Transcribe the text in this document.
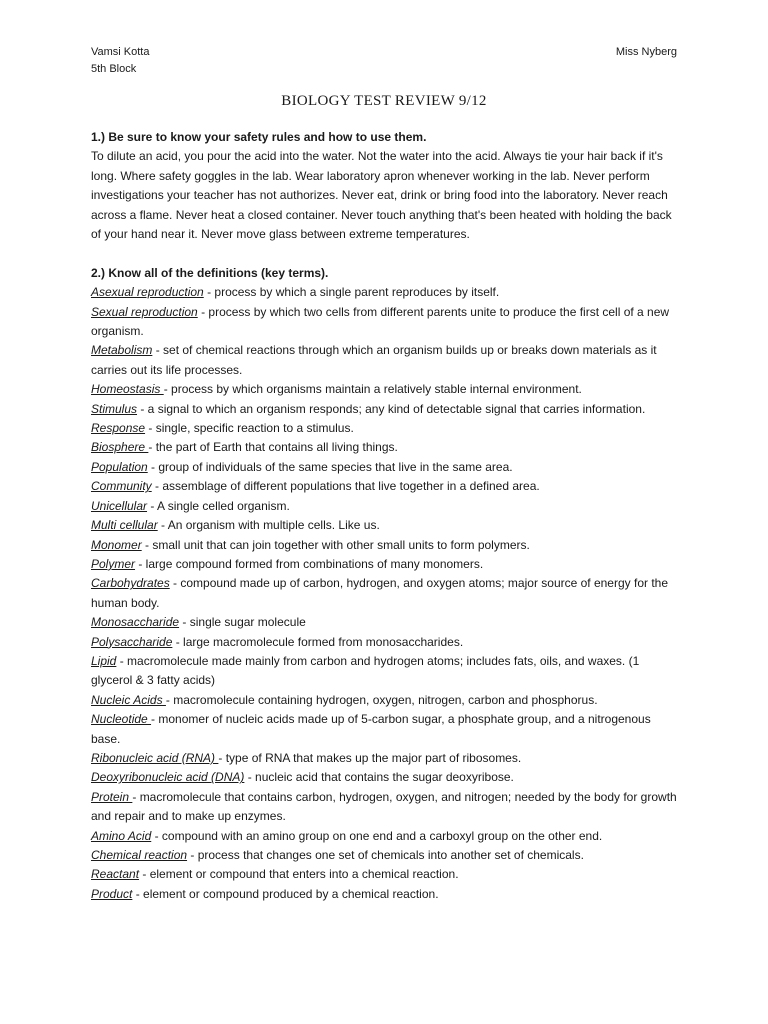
Vamsi Kotta
5th Block
Miss Nyberg
BIOLOGY TEST REVIEW 9/12

1.) Be sure to know your safety rules and how to use them.

To dilute an acid, you pour the acid into the water. Not the water into the acid. Always tie your hair back if it's long. Where safety goggles in the lab. Wear laboratory apron whenever working in the lab. Never perform investigations your teacher has not authorizes. Never eat, drink or bring food into the laboratory. Never reach across a flame. Never heat a closed container. Never touch anything that's been heated with holding the back of your hand near it. Never move glass between extreme temperatures.

2.) Know all of the definitions (key terms).

Asexual reproduction - process by which a single parent reproduces by itself.

Sexual reproduction - process by which two cells from different parents unite to produce the first cell of a new organism.

Metabolism - set of chemical reactions through which an organism builds up or breaks down materials as it carries out its life processes.

Homeostasis - process by which organisms maintain a relatively stable internal environment.

Stimulus - a signal to which an organism responds; any kind of detectable signal that carries information.

Response - single, specific reaction to a stimulus.

Biosphere - the part of Earth that contains all living things.

Population - group of individuals of the same species that live in the same area.

Community - assemblage of different populations that live together in a defined area.

Unicellular - A single celled organism.

Multi cellular - An organism with multiple cells. Like us.

Monomer - small unit that can join together with other small units to form polymers.

Polymer - large compound formed from combinations of many monomers.

Carbohydrates - compound made up of carbon, hydrogen, and oxygen atoms; major source of energy for the human body.

Monosaccharide - single sugar molecule

Polysaccharide - large macromolecule formed from monosaccharides.

Lipid - macromolecule made mainly from carbon and hydrogen atoms; includes fats, oils, and waxes. (1 glycerol & 3 fatty acids)

Nucleic Acids - macromolecule containing hydrogen, oxygen, nitrogen, carbon and phosphorus.

Nucleotide - monomer of nucleic acids made up of 5-carbon sugar, a phosphate group, and a nitrogenous base.

Ribonucleic acid (RNA) - type of RNA that makes up the major part of ribosomes.

Deoxyribonucleic acid (DNA) - nucleic acid that contains the sugar deoxyribose.

Protein - macromolecule that contains carbon, hydrogen, oxygen, and nitrogen; needed by the body for growth and repair and to make up enzymes.

Amino Acid - compound with an amino group on one end and a carboxyl group on the other end.

Chemical reaction - process that changes one set of chemicals into another set of chemicals.

Reactant - element or compound that enters into a chemical reaction.

Product - element or compound produced by a chemical reaction.
